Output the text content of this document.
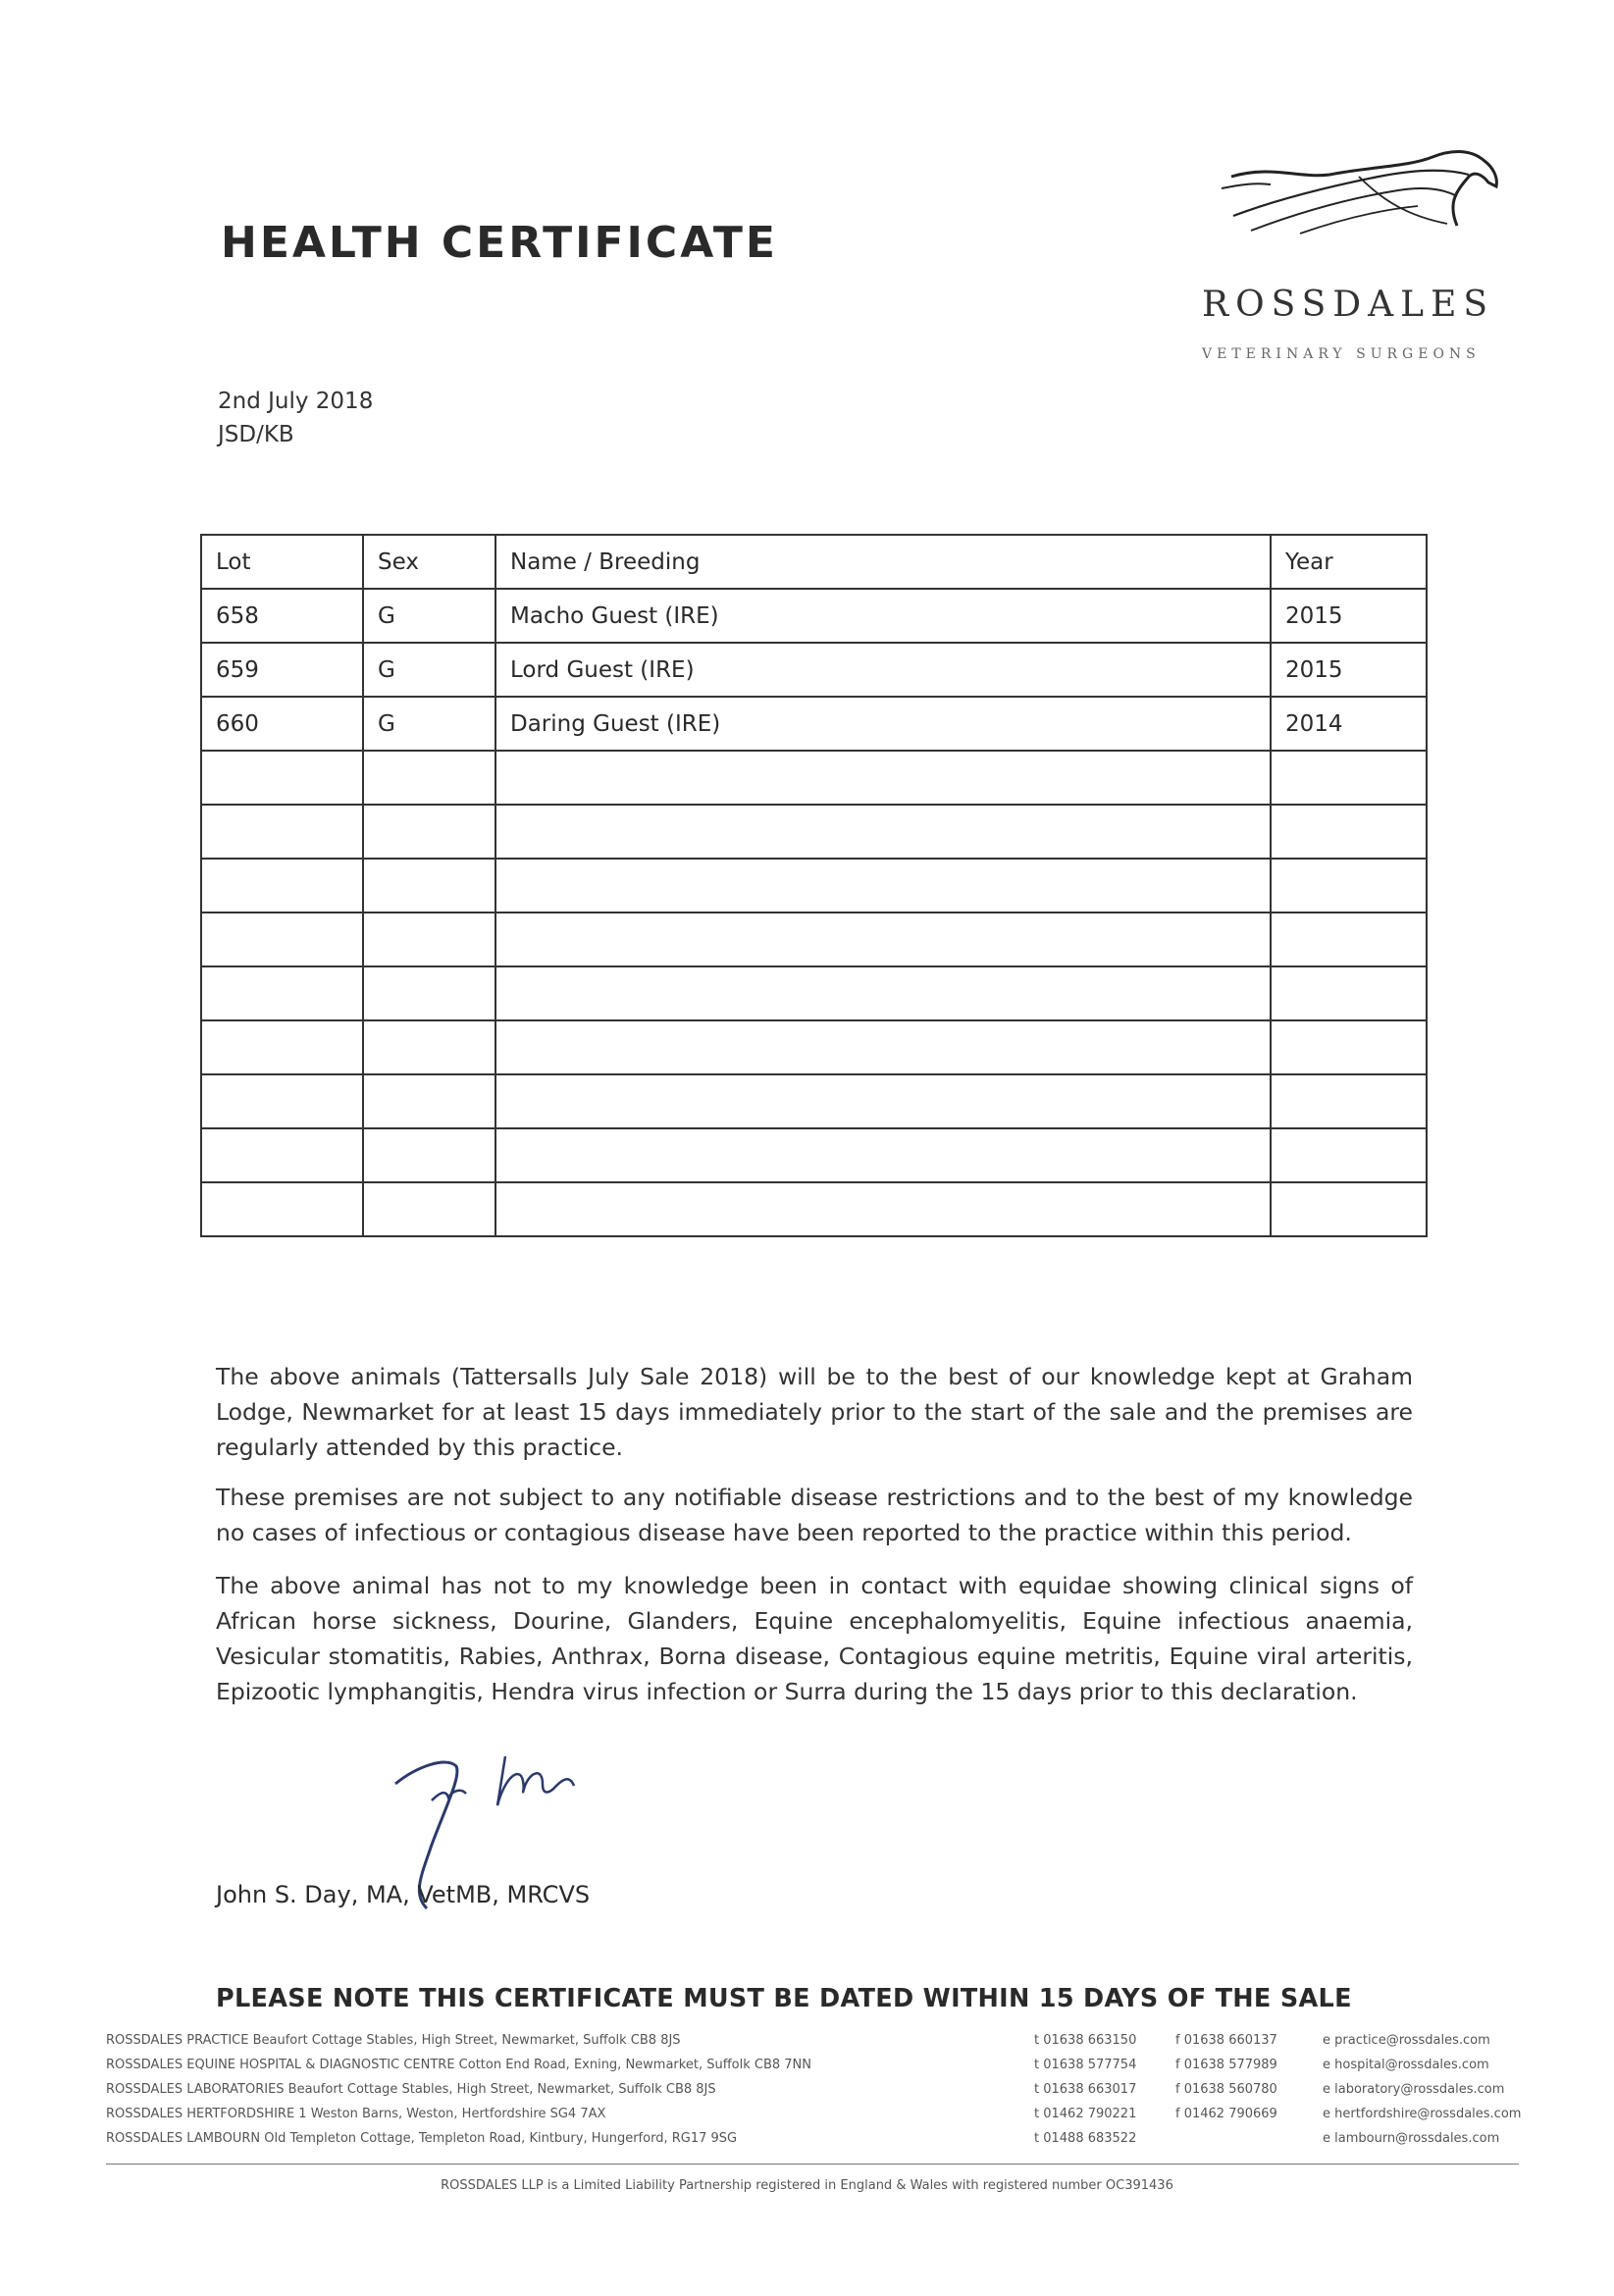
HEALTH CERTIFICATE
ROSSDALES
VETERINARY SURGEONS
2nd July 2018
JSD/KB
Lot	Sex	Name / Breeding	Year
658	G	Macho Guest (IRE)	2015
659	G	Lord Guest (IRE)	2015
660	G	Daring Guest (IRE)	2014

The above animals (Tattersalls July Sale 2018) will be to the best of our knowledge kept at Graham Lodge, Newmarket for at least 15 days immediately prior to the start of the sale and the premises are regularly attended by this practice.
These premises are not subject to any notifiable disease restrictions and to the best of my knowledge no cases of infectious or contagious disease have been reported to the practice within this period.
The above animal has not to my knowledge been in contact with equidae showing clinical signs of African horse sickness, Dourine, Glanders, Equine encephalomyelitis, Equine infectious anaemia, Vesicular stomatitis, Rabies, Anthrax, Borna disease, Contagious equine metritis, Equine viral arteritis, Epizootic lymphangitis, Hendra virus infection or Surra during the 15 days prior to this declaration.
John S. Day, MA, VetMB, MRCVS
PLEASE NOTE THIS CERTIFICATE MUST BE DATED WITHIN 15 DAYS OF THE SALE
ROSSDALES PRACTICE Beaufort Cottage Stables, High Street, Newmarket, Suffolk CB8 8JS	t 01638 663150	f 01638 660137	e practice@rossdales.com
ROSSDALES EQUINE HOSPITAL & DIAGNOSTIC CENTRE Cotton End Road, Exning, Newmarket, Suffolk CB8 7NN	t 01638 577754	f 01638 577989	e hospital@rossdales.com
ROSSDALES LABORATORIES Beaufort Cottage Stables, High Street, Newmarket, Suffolk CB8 8JS	t 01638 663017	f 01638 560780	e laboratory@rossdales.com
ROSSDALES HERTFORDSHIRE 1 Weston Barns, Weston, Hertfordshire SG4 7AX	t 01462 790221	f 01462 790669	e hertfordshire@rossdales.com
ROSSDALES LAMBOURN Old Templeton Cottage, Templeton Road, Kintbury, Hungerford, RG17 9SG	t 01488 683522	e lambourn@rossdales.com
ROSSDALES LLP is a Limited Liability Partnership registered in England & Wales with registered number OC391436
